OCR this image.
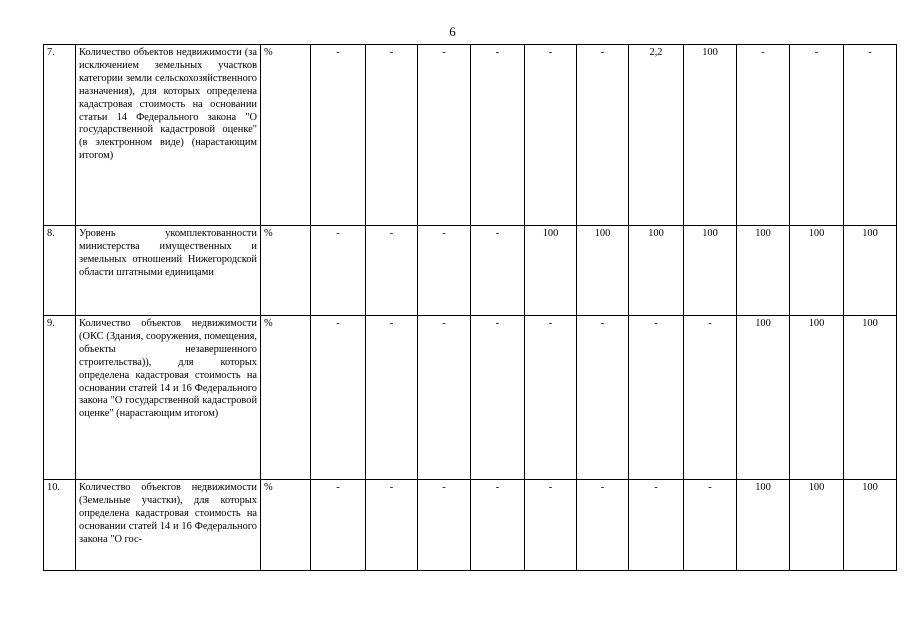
6
7.	Количество объектов недвижимости (за исключением земельных участков категории земли сельскохозяйственного назначения), для которых определена кадастровая стоимость на основании статьи 14 Федерального закона "О государственной кадастровой оценке" (в электронном виде) (нарастающим итогом)	%	-	-	-	-	-	-	2,2	100	-	-	-
8.	Уровень укомплектованности министерства имущественных и земельных отношений Нижегородской области штатными единицами	%	-	-	-	-	100	100	100	100	100	100	100
9.	Количество объектов недвижимости (ОКС (Здания, сооружения, помещения, объекты незавершенного строительства)), для которых определена кадастровая стоимость на основании статей 14 и 16 Федерального закона "О государственной кадастровой оценке" (нарастающим итогом)	%	-	-	-	-	-	-	-	-	100	100	100
10.	Количество объектов недвижимости (Земельные участки), для которых определена кадастровая стоимость на основании статей 14 и 16 Федерального закона "О гос-	%	-	-	-	-	-	-	-	-	100	100	100
